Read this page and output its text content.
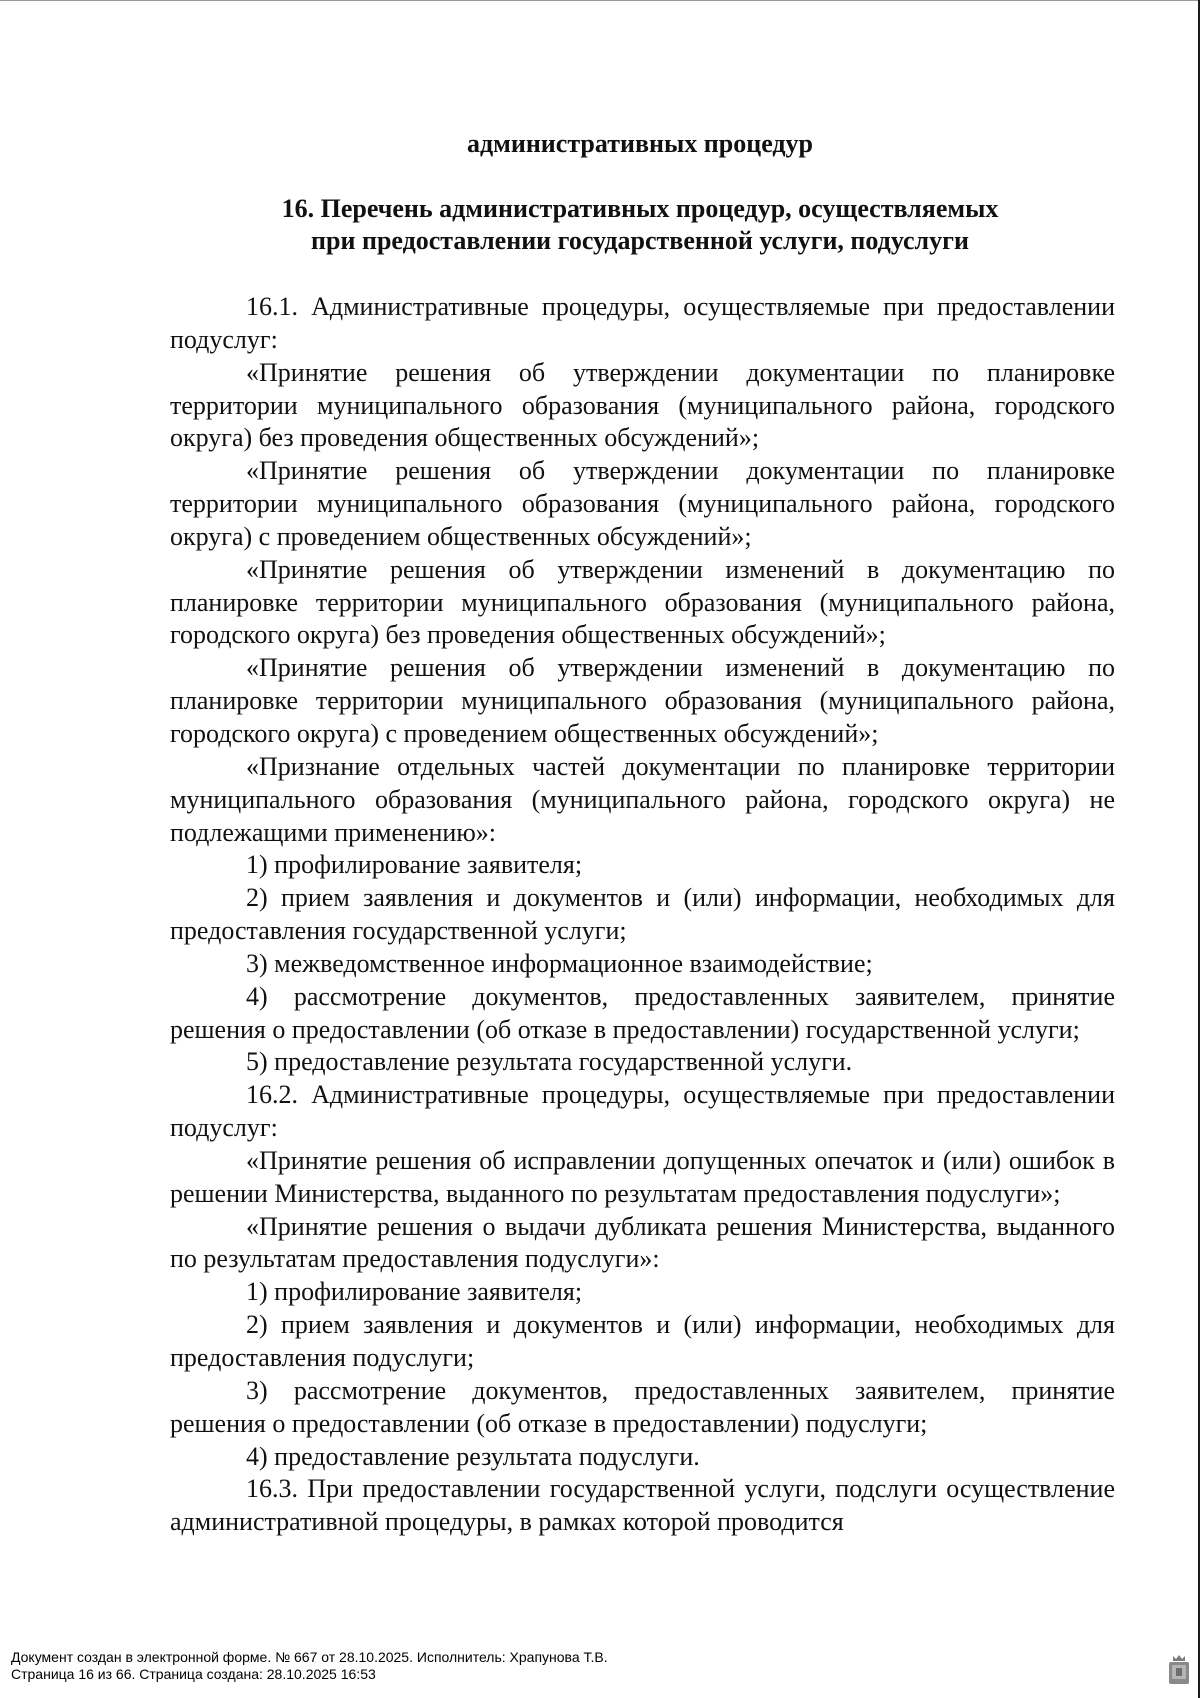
административных процедур
16. Перечень административных процедур, осуществляемых
при предоставлении государственной услуги, подуслуги

16.1. Административные процедуры, осуществляемые при предоставлении подуслуг:

«Принятие решения об утверждении документации по планировке территории муниципального образования (муниципального района, городского округа) без проведения общественных обсуждений»;

«Принятие решения об утверждении документации по планировке территории муниципального образования (муниципального района, городского округа) с проведением общественных обсуждений»;

«Принятие решения об утверждении изменений в документацию по планировке территории муниципального образования (муниципального района, городского округа) без проведения общественных обсуждений»;

«Принятие решения об утверждении изменений в документацию по планировке территории муниципального образования (муниципального района, городского округа) с проведением общественных обсуждений»;

«Признание отдельных частей документации по планировке территории муниципального образования (муниципального района, городского округа) не подлежащими применению»:

1) профилирование заявителя;

2) прием заявления и документов и (или) информации, необходимых для предоставления государственной услуги;

3) межведомственное информационное взаимодействие;

4) рассмотрение документов, предоставленных заявителем, принятие решения о предоставлении (об отказе в предоставлении) государственной услуги;

5) предоставление результата государственной услуги.

16.2. Административные процедуры, осуществляемые при предоставлении подуслуг:

«Принятие решения об исправлении допущенных опечаток и (или) ошибок в решении Министерства, выданного по результатам предоставления подуслуги»;

«Принятие решения о выдачи дубликата решения Министерства, выданного по результатам предоставления подуслуги»:

1) профилирование заявителя;

2) прием заявления и документов и (или) информации, необходимых для предоставления подуслуги;

3) рассмотрение документов, предоставленных заявителем, принятие решения о предоставлении (об отказе в предоставлении) подуслуги;

4) предоставление результата подуслуги.

16.3. При предоставлении государственной услуги, подслуги осуществление административной процедуры, в рамках которой проводится

Документ создан в электронной форме. № 667 от 28.10.2025. Исполнитель: Храпунова Т.В.
Страница 16 из 66. Страница создана: 28.10.2025 16:53
